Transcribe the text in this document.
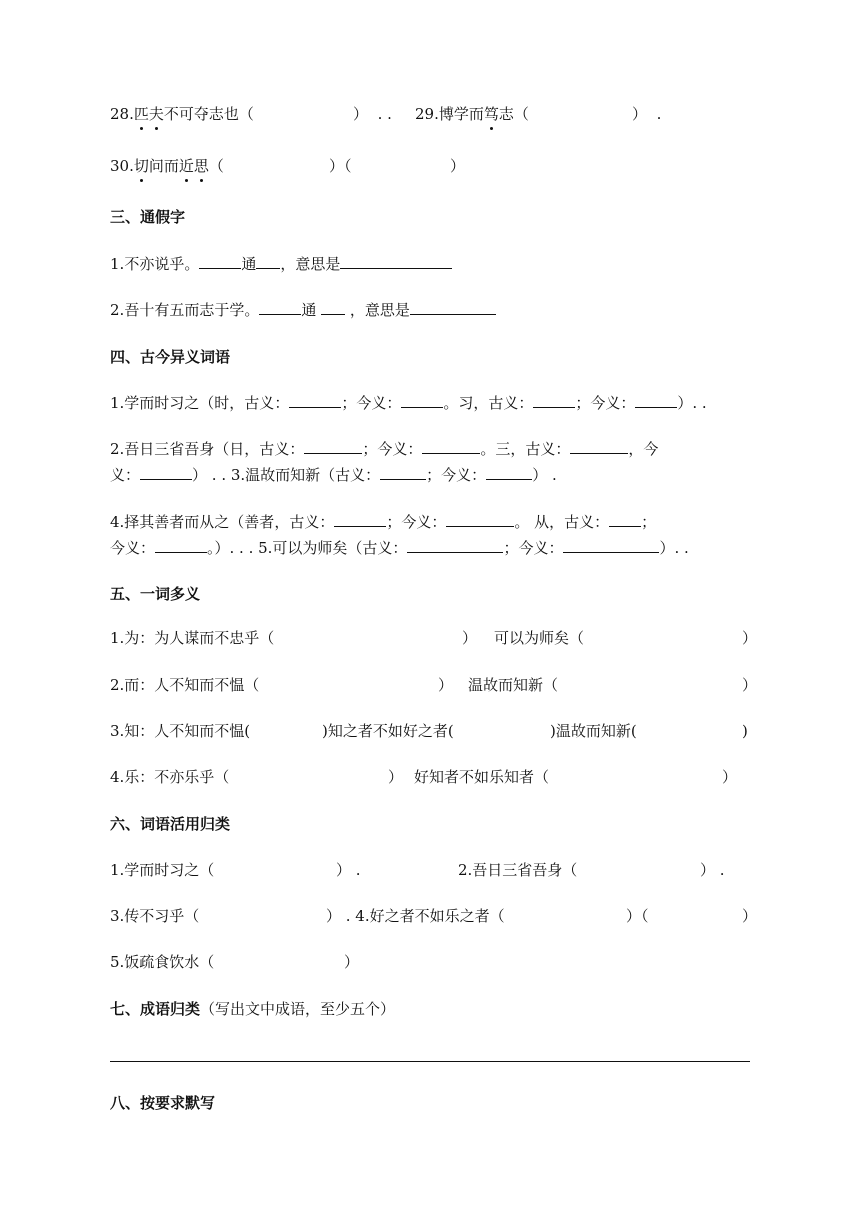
28.匹夫不可夺志也（	） . . 29.博学而笃志（	） .
30.切问而近思（	）（	）
三、通假字
1.不亦说乎。	通 ，意思是
2.吾十有五而志于学。	通 ，意思是
四、古今异义词语
1.学而时习之（时，古义：	；今义：	。习，古义：	；今义：	）. .
2.吾日三省吾身（日，古义：	；今义：	。三，古义：	，今
义：	） . . 3.温故而知新（古义：	；今义：	） .
4.择其善者而从之（善者，古义：	；今义：	。 从，古义： ；
今义：	。）. . . 5.可以为师矣（古义：	；今义：	）. .
五、一词多义
1.为：为人谋而不忠乎（	） 可以为师矣（	）
2.而：人不知而不愠（	） 温故而知新（	）
3.知：人不知而不愠(	)知之者不如好之者(	)温故而知新(	)
4.乐：不亦乐乎（	） 好知者不如乐知者（	）
六、词语活用归类
1.学而时习之（	） .	2.吾日三省吾身（	） .
3.传不习乎（	） . 4.好之者不如乐之者（	）（	）
5.饭疏食饮水（	）
七、成语归类（写出文中成语，至少五个）
八、按要求默写
